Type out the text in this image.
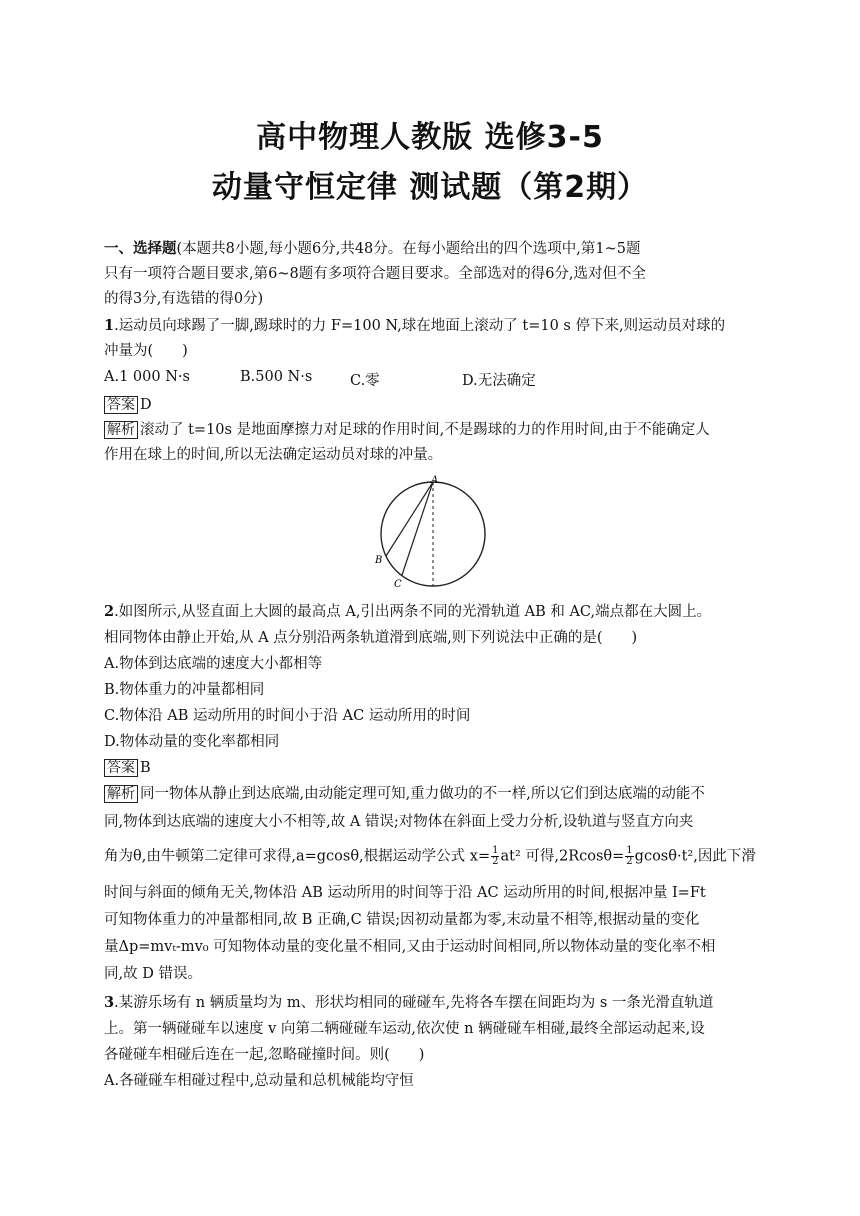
高中物理人教版 选修3-5
动量守恒定律 测试题（第2期）
一、选择题(本题共8小题,每小题6分,共48分。在每小题给出的四个选项中,第1~5题
只有一项符合题目要求,第6~8题有多项符合题目要求。全部选对的得6分,选对但不全
的得3分,有选错的得0分)
1.运动员向球踢了一脚,踢球时的力 F=100 N,球在地面上滚动了 t=10 s 停下来,则运动员对球的
冲量为(　　)
A.1 000 N·s	B.500 N·s	C.零	D.无法确定
答案 D
解析 滚动了 t=10s 是地面摩擦力对足球的作用时间,不是踢球的力的作用时间,由于不能确定人
作用在球上的时间,所以无法确定运动员对球的冲量。
A
B
C
2.如图所示,从竖直面上大圆的最高点 A,引出两条不同的光滑轨道 AB 和 AC,端点都在大圆上。
相同物体由静止开始,从 A 点分别沿两条轨道滑到底端,则下列说法中正确的是(　　)
A.物体到达底端的速度大小都相等
B.物体重力的冲量都相同
C.物体沿 AB 运动所用的时间小于沿 AC 运动所用的时间
D.物体动量的变化率都相同
答案 B
解析 同一物体从静止到达底端,由动能定理可知,重力做功的不一样,所以它们到达底端的动能不
同,物体到达底端的速度大小不相等,故 A 错误;对物体在斜面上受力分析,设轨道与竖直方向夹
角为θ,由牛顿第二定律可求得,a=gcosθ,根据运动学公式 $x= \frac{1}{2} at^2$ 可得$,2Rcos\theta= \frac{1}{2} gcos\theta\cdot t^2$,因此下滑
时间与斜面的倾角无关,物体沿 AB 运动所用的时间等于沿 AC 运动所用的时间,根据冲量 I=Ft
可知物体重力的冲量都相同,故 B 正确,C 错误;因初动量都为零,末动量不相等,根据动量的变化
量Δp=mvₜ-mv₀ 可知物体动量的变化量不相同,又由于运动时间相同,所以物体动量的变化率不相
同,故 D 错误。
3.某游乐场有 n 辆质量均为 m、形状均相同的碰碰车,先将各车摆在间距均为 s 一条光滑直轨道
上。第一辆碰碰车以速度 v 向第二辆碰碰车运动,依次使 n 辆碰碰车相碰,最终全部运动起来,设
各碰碰车相碰后连在一起,忽略碰撞时间。则(　　)
A.各碰碰车相碰过程中,总动量和总机械能均守恒
